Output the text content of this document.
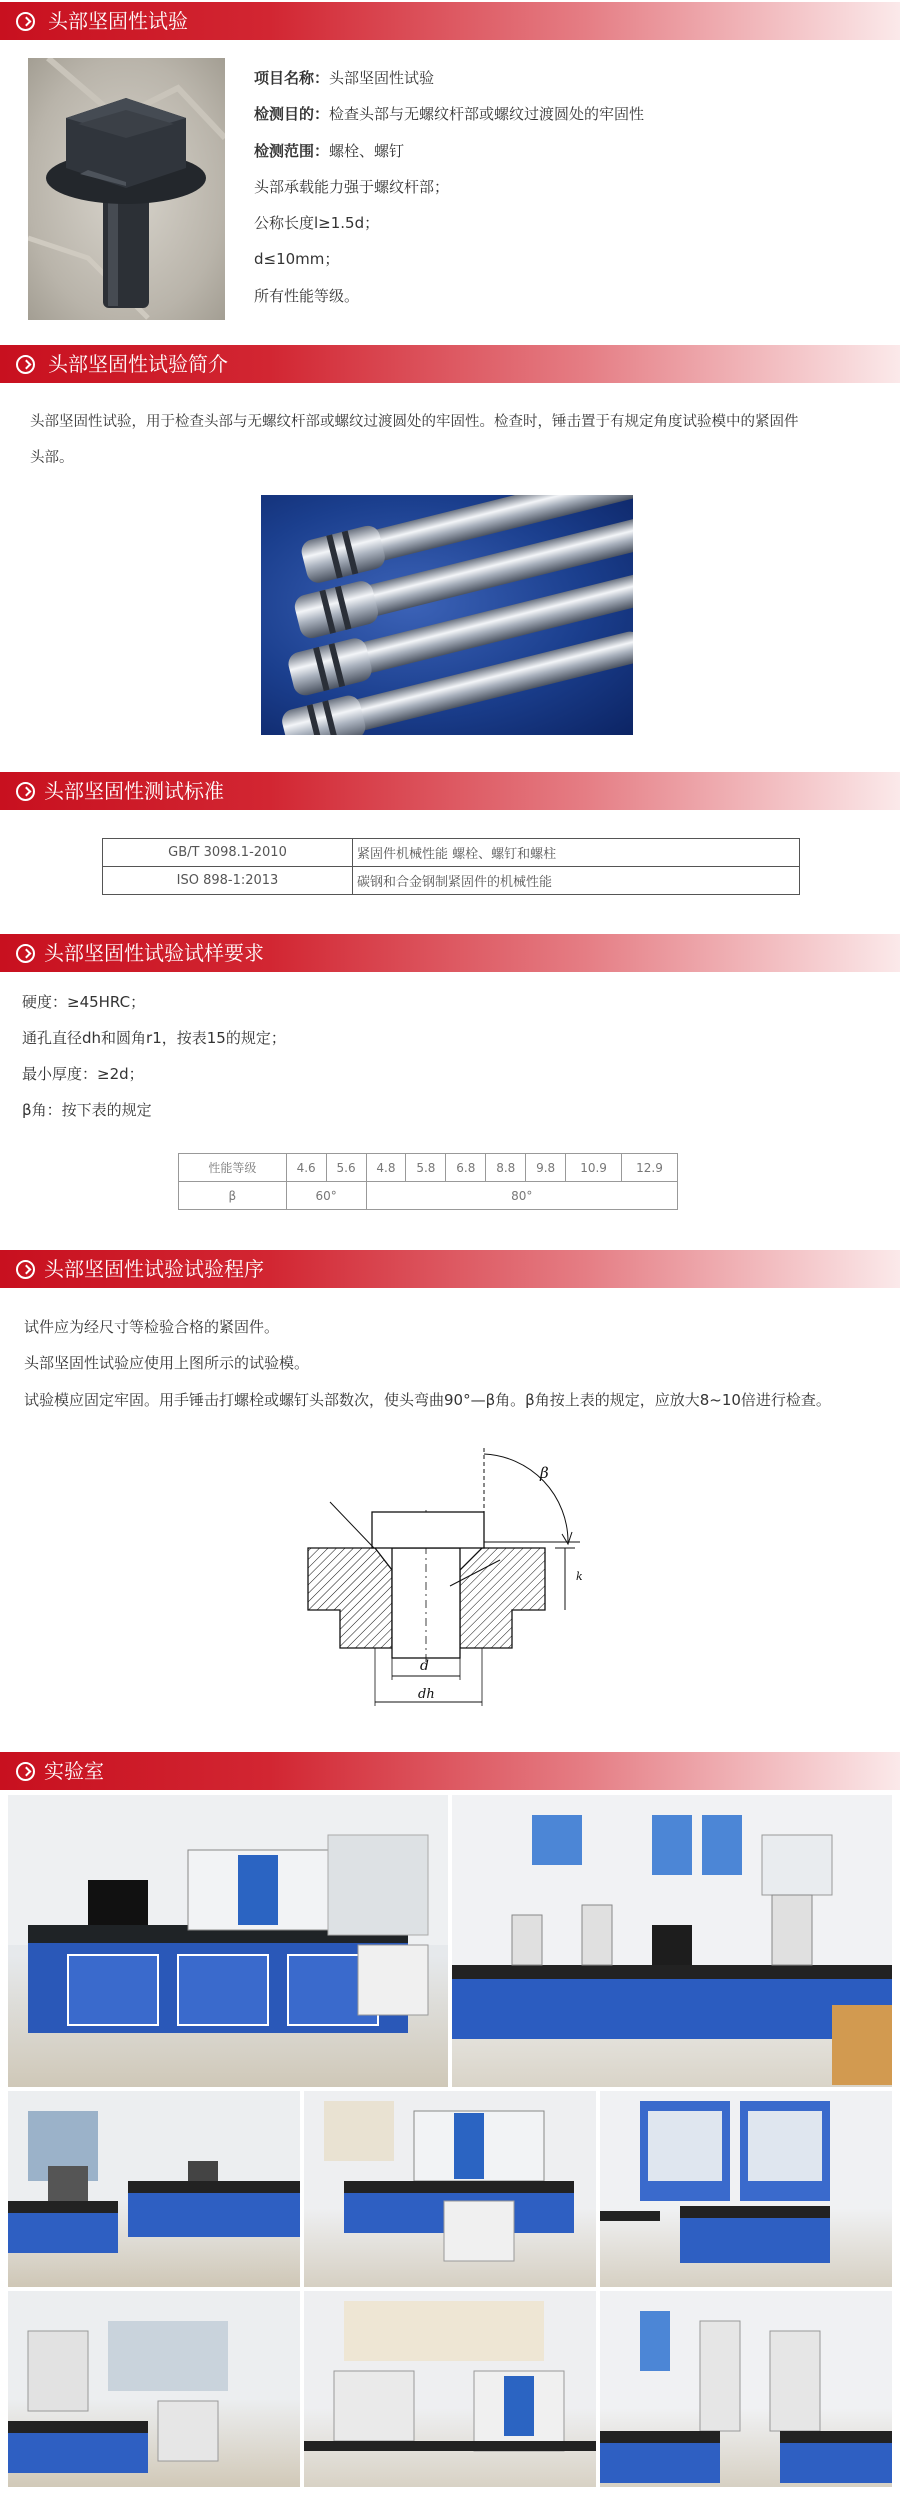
头部坚固性试验
项目名称：头部坚固性试验
检测目的：检查头部与无螺纹杆部或螺纹过渡圆处的牢固性
检测范围：螺栓、螺钉
头部承载能力强于螺纹杆部；
公称长度l≥1.5d；
d≤10mm；
所有性能等级。
头部坚固性试验简介
头部坚固性试验，用于检查头部与无螺纹杆部或螺纹过渡圆处的牢固性。检查时，锤击置于有规定角度试验模中的紧固件
头部。
头部坚固性测试标准
GB/T 3098.1-2010	紧固件机械性能 螺栓、螺钉和螺柱
ISO 898-1:2013	碳钢和合金钢制紧固件的机械性能
头部坚固性试验试样要求
硬度：≥45HRC；
通孔直径dh和圆角r1，按表15的规定；
最小厚度：≥2d；
β角：按下表的规定
性能等级	4.6	5.6	4.8	5.8	6.8	8.8	9.8	10.9	12.9
β	60°		80°						
头部坚固性试验试验程序
试件应为经尺寸等检验合格的紧固件。
头部坚固性试验应使用上图所示的试验模。
试验模应固定牢固。用手锤击打螺栓或螺钉头部数次，使头弯曲90°—β角。β角按上表的规定，应放大8~10倍进行检查。
β
k
d
dh
实验室
